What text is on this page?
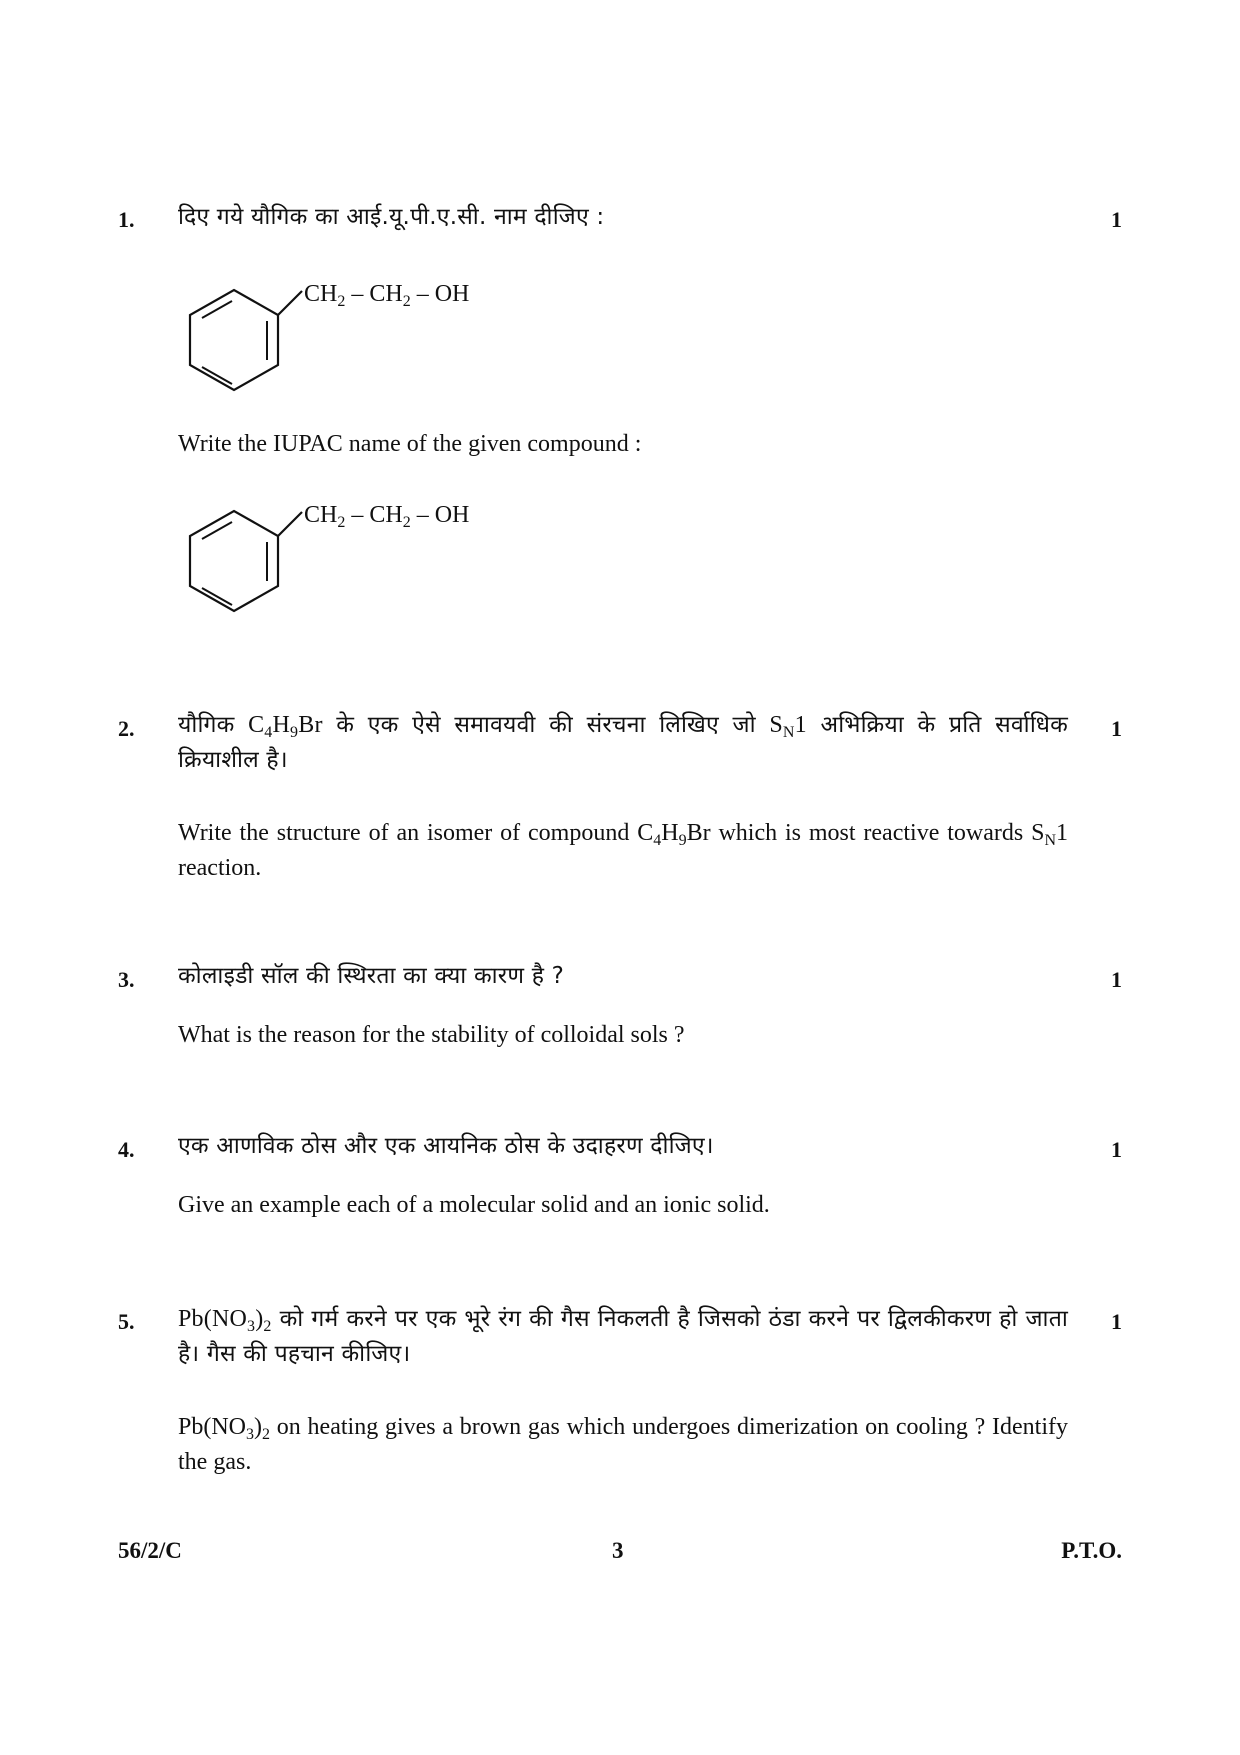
1.	1
दिए गये यौगिक का आई.यू.पी.ए.सी. नाम दीजिए :
$CH_2 - CH_2$ – OH
Write the IUPAC name of the given compound :
$CH_2 - CH_2$ – OH
2.	1
यौगिक $C_4H_9Br$ के एक ऐसे समावयवी की संरचना लिखिए जो $S_N1$ अभिक्रिया के प्रति सर्वाधिक क्रियाशील है।
Write the structure of an isomer of compound $C_4H_9Br$ which is most reactive towards $S_N1$ reaction.
3.	1
कोलाइडी सॉल की स्थिरता का क्या कारण है ?
What is the reason for the stability of colloidal sols ?
4.	1
एक आणविक ठोस और एक आयनिक ठोस के उदाहरण दीजिए।
Give an example each of a molecular solid and an ionic solid.
5.	1
$Pb(NO_3)_2$ को गर्म करने पर एक भूरे रंग की गैस निकलती है जिसको ठंडा करने पर द्विलकीकरण हो जाता है। गैस की पहचान कीजिए।
$Pb(NO_3)_2$ on heating gives a brown gas which undergoes dimerization on cooling ? Identify the gas.
56/2/C	3	P.T.O.
